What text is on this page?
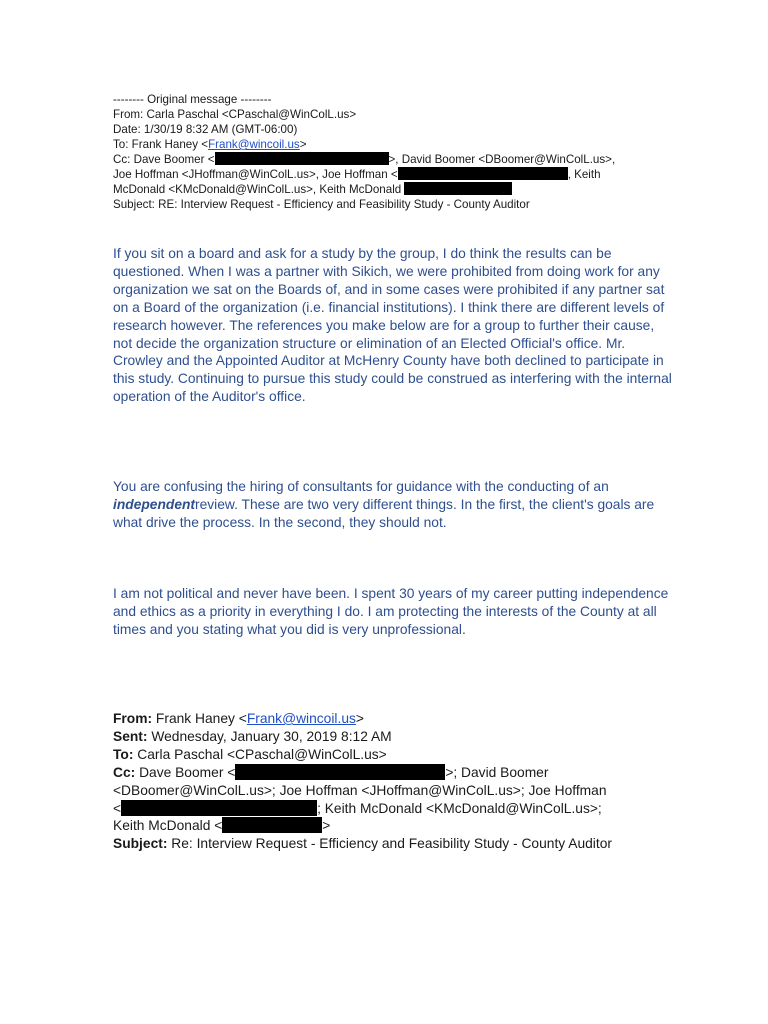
-------- Original message --------
From: Carla Paschal <CPaschal@WinColL.us>
Date: 1/30/19 8:32 AM (GMT-06:00)
To: Frank Haney <Frank@wincoil.us>
Cc: Dave Boomer <	>, David Boomer <DBoomer@WinColL.us>,
Joe Hoffman <JHoffman@WinColL.us>, Joe Hoffman <	, Keith
McDonald <KMcDonald@WinColL.us>, Keith McDonald
Subject: RE: Interview Request - Efficiency and Feasibility Study - County Auditor

If you sit on a board and ask for a study by the group, I do think the results can be questioned. When I was a partner with Sikich, we were prohibited from doing work for any organization we sat on the Boards of, and in some cases were prohibited if any partner sat on a Board of the organization (i.e. financial institutions). I think there are different levels of research however. The references you make below are for a group to further their cause, not decide the organization structure or elimination of an Elected Official's office. Mr. Crowley and the Appointed Auditor at McHenry County have both declined to participate in this study. Continuing to pursue this study could be construed as interfering with the internal operation of the Auditor's office.

You are confusing the hiring of consultants for guidance with the conducting of an independentreview. These are two very different things. In the first, the client's goals are what drive the process. In the second, they should not.

I am not political and never have been. I spent 30 years of my career putting independence and ethics as a priority in everything I do. I am protecting the interests of the County at all times and you stating what you did is very unprofessional.

From: Frank Haney <Frank@wincoil.us>
Sent: Wednesday, January 30, 2019 8:12 AM
To: Carla Paschal <CPaschal@WinColL.us>
Cc: Dave Boomer <	>; David Boomer
<DBoomer@WinColL.us>; Joe Hoffman <JHoffman@WinColL.us>; Joe Hoffman
<	; Keith McDonald <KMcDonald@WinColL.us>;
Keith McDonald <	>
Subject: Re: Interview Request - Efficiency and Feasibility Study - County Auditor
